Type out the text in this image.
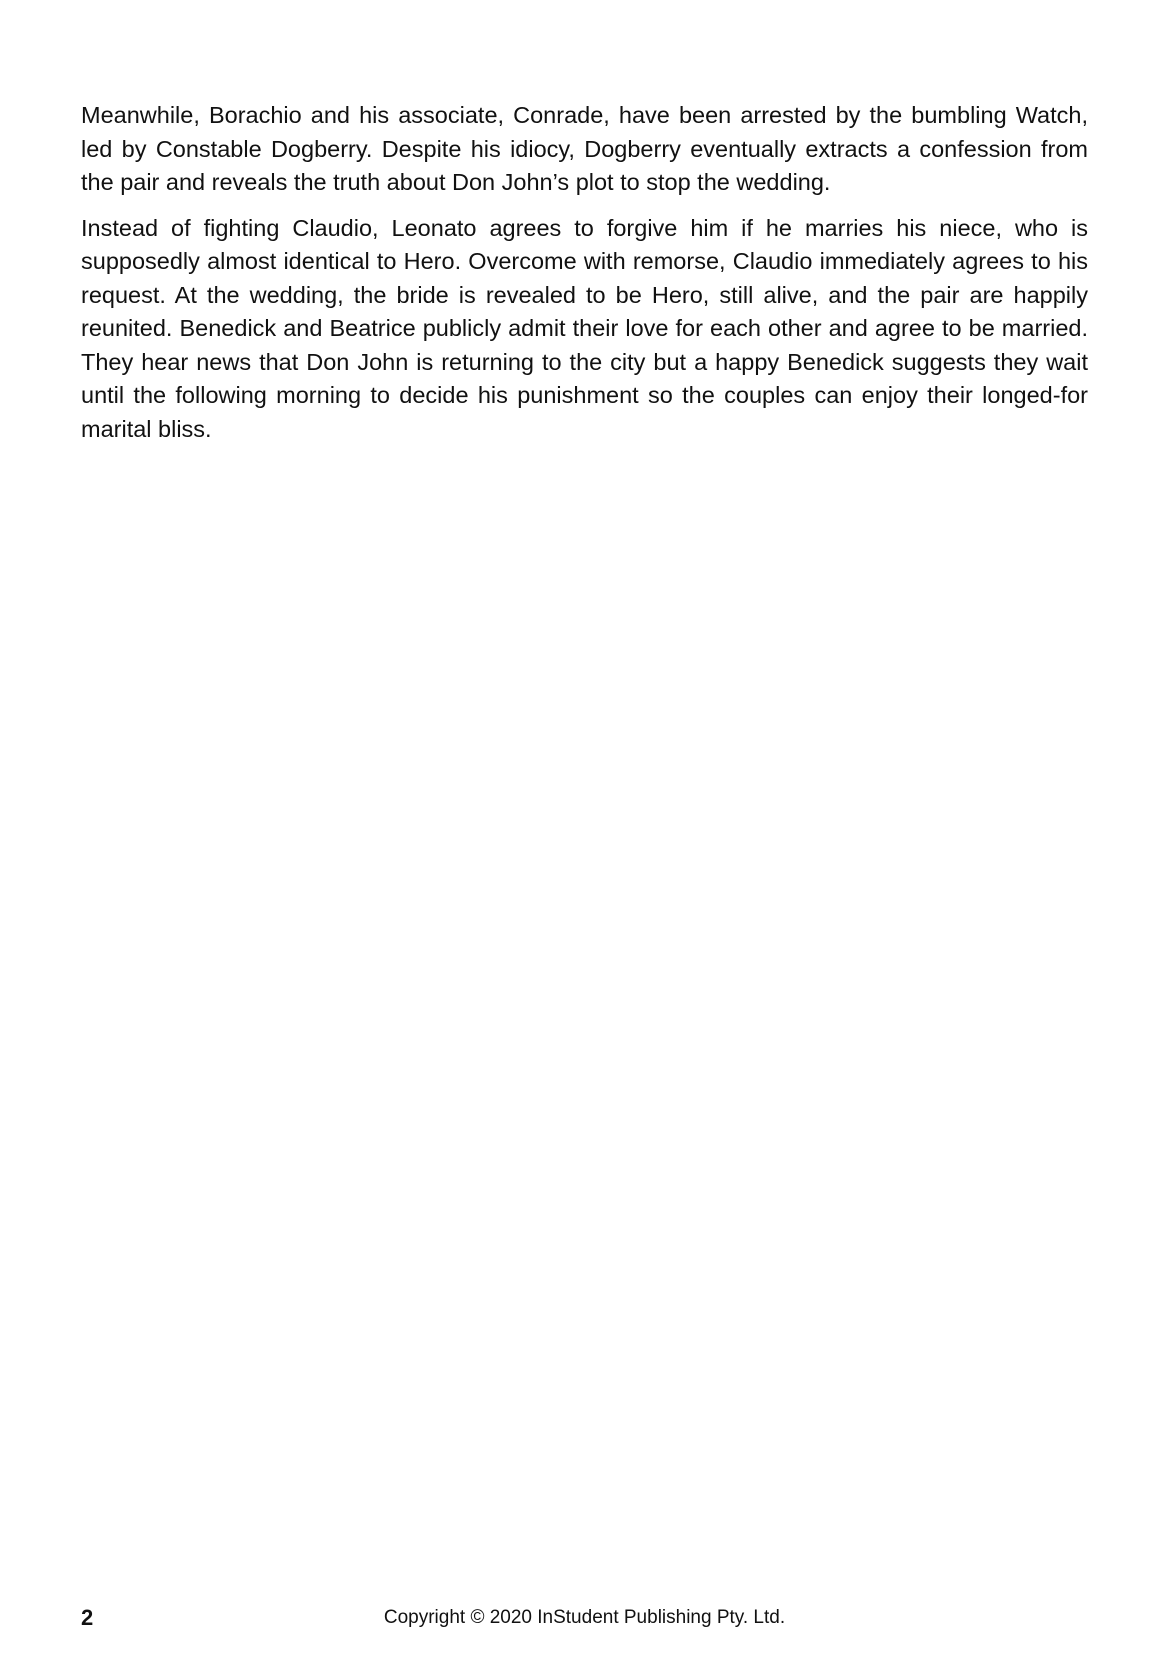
Meanwhile, Borachio and his associate, Conrade, have been arrested by the bumbling Watch, led by Constable Dogberry. Despite his idiocy, Dogberry eventually extracts a confession from the pair and reveals the truth about Don John’s plot to stop the wedding.

Instead of fighting Claudio, Leonato agrees to forgive him if he marries his niece, who is supposedly almost identical to Hero. Overcome with remorse, Claudio immediately agrees to his request. At the wedding, the bride is revealed to be Hero, still alive, and the pair are happily reunited. Benedick and Beatrice publicly admit their love for each other and agree to be married. They hear news that Don John is returning to the city but a happy Benedick suggests they wait until the following morning to decide his punishment so the couples can enjoy their longed-for marital bliss.

2	Copyright © 2020 InStudent Publishing Pty. Ltd.
